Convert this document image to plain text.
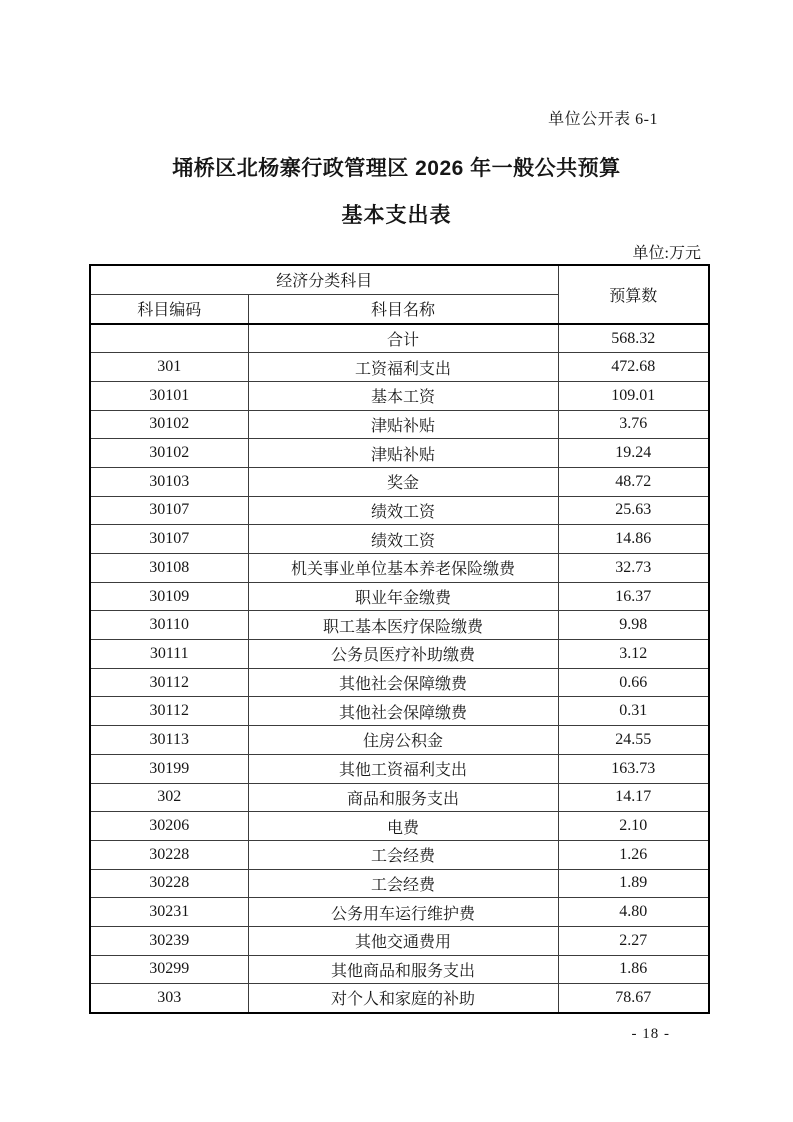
单位公开表 6-1
埇桥区北杨寨行政管理区 2026 年一般公共预算
基本支出表
单位:万元
经济分类科目		预算数
科目编码	科目名称	
	合计	568.32
301	工资福利支出	472.68
30101	基本工资	109.01
30102	津贴补贴	3.76
30102	津贴补贴	19.24
30103	奖金	48.72
30107	绩效工资	25.63
30107	绩效工资	14.86
30108	机关事业单位基本养老保险缴费	32.73
30109	职业年金缴费	16.37
30110	职工基本医疗保险缴费	9.98
30111	公务员医疗补助缴费	3.12
30112	其他社会保障缴费	0.66
30112	其他社会保障缴费	0.31
30113	住房公积金	24.55
30199	其他工资福利支出	163.73
302	商品和服务支出	14.17
30206	电费	2.10
30228	工会经费	1.26
30228	工会经费	1.89
30231	公务用车运行维护费	4.80
30239	其他交通费用	2.27
30299	其他商品和服务支出	1.86
303	对个人和家庭的补助	78.67
- 18 -
